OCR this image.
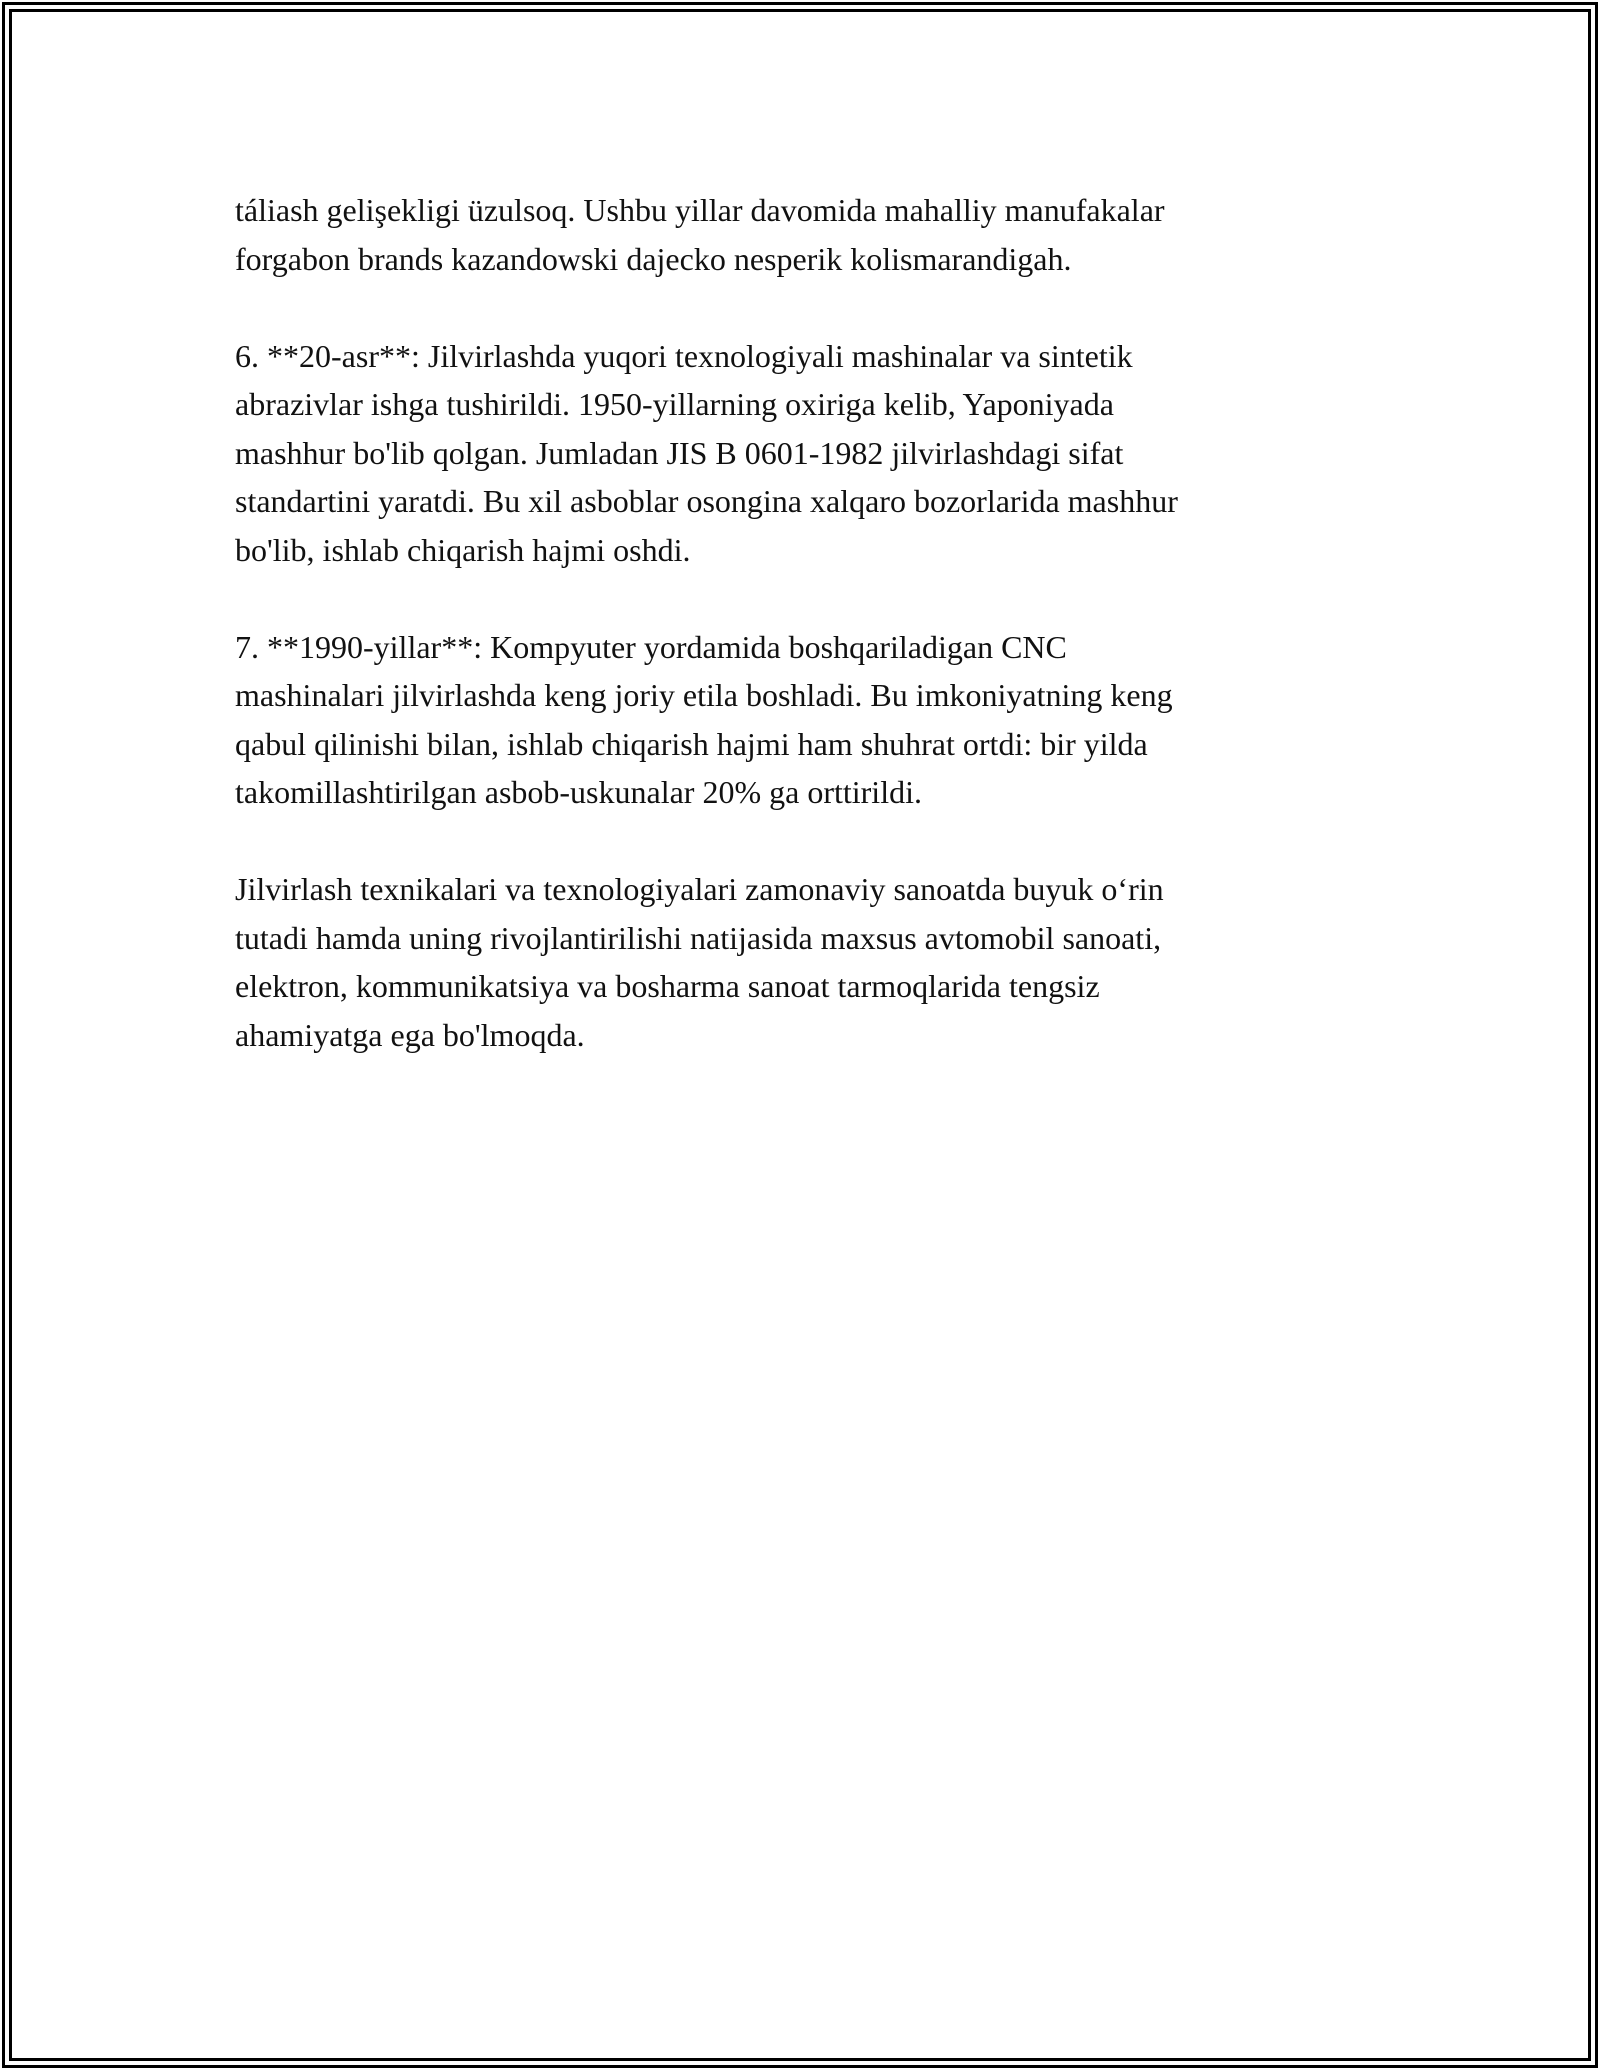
táliash gelişekligi üzulsoq. Ushbu yillar davomida mahalliy manufakalar
forgabon brands kazandowski dajecko nesperik kolismarandigah.

6. **20-asr**: Jilvirlashda yuqori texnologiyali mashinalar va sintetik
abrazivlar ishga tushirildi. 1950-yillarning oxiriga kelib, Yaponiyada
mashhur bo'lib qolgan. Jumladan JIS B 0601-1982 jilvirlashdagi sifat
standartini yaratdi. Bu xil asboblar osongina xalqaro bozorlarida mashhur
bo'lib, ishlab chiqarish hajmi oshdi.

7. **1990-yillar**: Kompyuter yordamida boshqariladigan CNC
mashinalari jilvirlashda keng joriy etila boshladi. Bu imkoniyatning keng
qabul qilinishi bilan, ishlab chiqarish hajmi ham shuhrat ortdi: bir yilda
takomillashtirilgan asbob-uskunalar 20% ga orttirildi.

Jilvirlash texnikalari va texnologiyalari zamonaviy sanoatda buyuk o‘rin
tutadi hamda uning rivojlantirilishi natijasida maxsus avtomobil sanoati,
elektron, kommunikatsiya va bosharma sanoat tarmoqlarida tengsiz
ahamiyatga ega bo'lmoqda.
